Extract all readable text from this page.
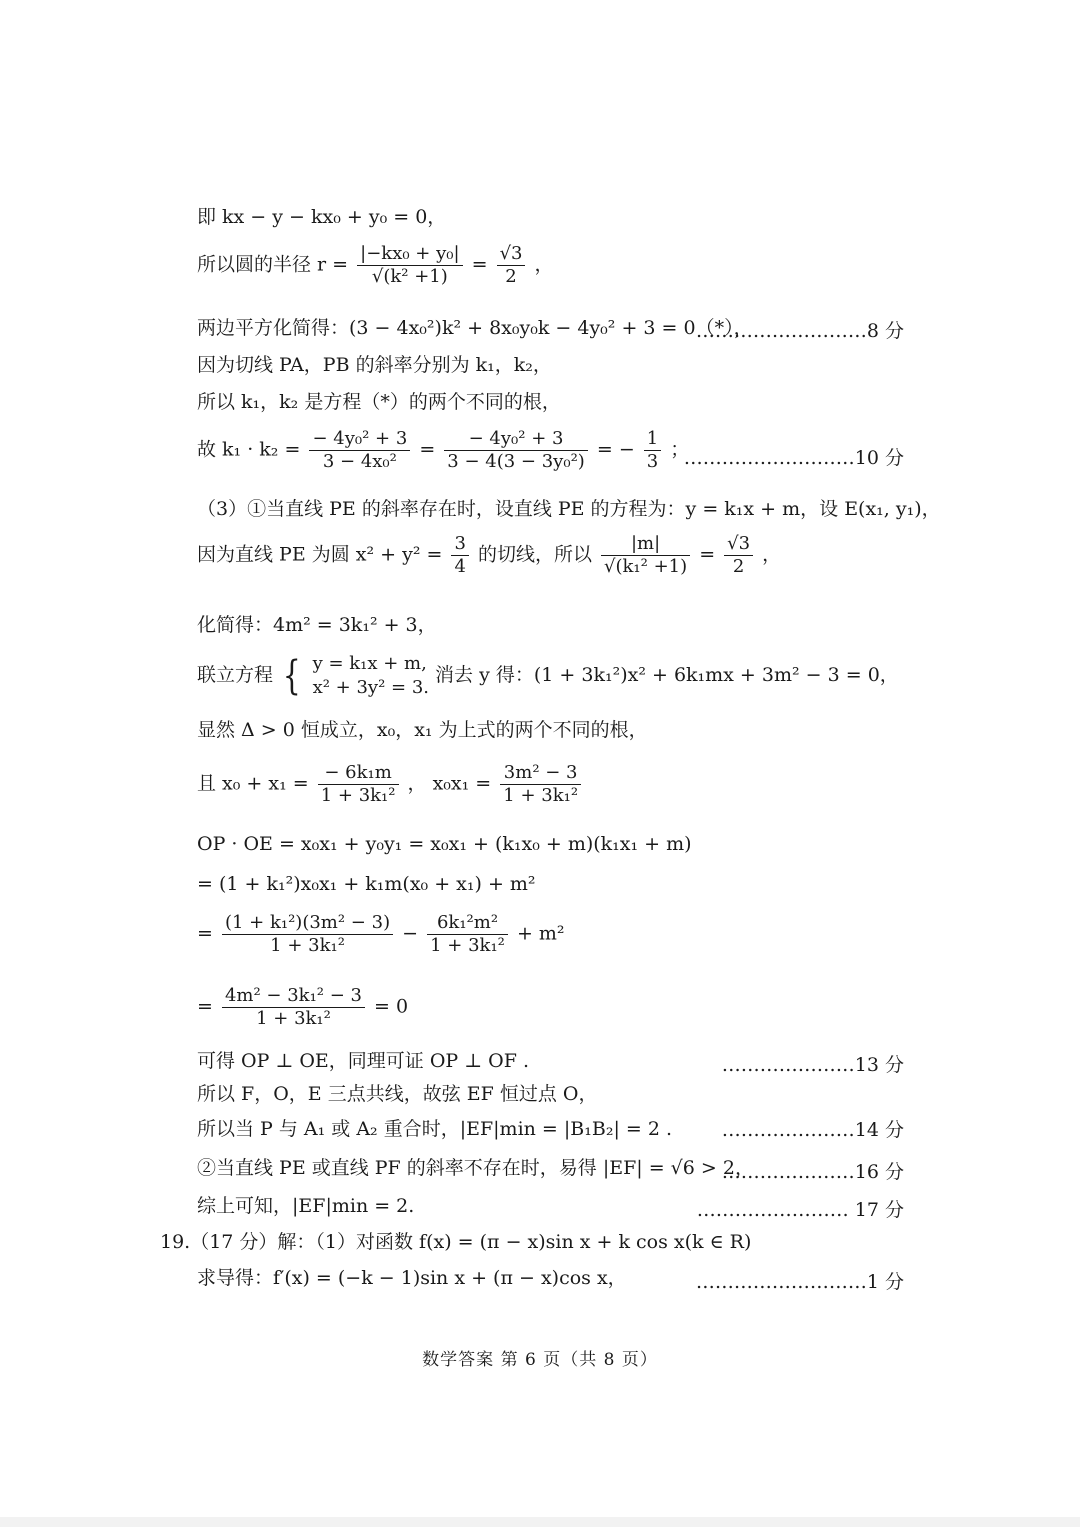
即 kx − y − kx₀ + y₀ = 0，
所以圆的半径 $r = \frac{\text{|−kx₀ + y₀|}}{\text{√(k² +1)}} = \frac{√3}{2}$ ，
两边平方化简得：(3 − 4x₀²)k² + 8x₀y₀k − 4y₀² + 3 = 0（*），
………………………8 分
因为切线 PA，PB 的斜率分别为 k₁，k₂，
所以 k₁，k₂ 是方程（*）的两个不同的根，
故 $k_1 \cdot k_2 = \frac{\text{− 4y₀² + 3}}{\text{3 − 4x₀²}} = \frac{\text{− 4y₀² + 3}}{\text{3 − 4(3 − 3y₀²)}}$ = − $\frac{1}{3}$ ；
………………………10 分
（3）①当直线 PE 的斜率存在时，设直线 PE 的方程为：y = k₁x + m，设 E(x₁, y₁)，
因为直线 PE 为圆 $x^2 + y^2 = \frac{3}{4}$ 的切线，所以 $\frac{|m|}{\text{√(k₁² +1)}} = \frac{√3}{2}$ ，
化简得：4m² = 3k₁² + 3，
联立方程 { y = k₁x + m,
x² + 3y² = 3.
消去 y 得：(1 + 3k₁²)x² + 6k₁mx + 3m² − 3 = 0，
显然 Δ > 0 恒成立，x₀，x₁ 为上式的两个不同的根，
且 $x_0 + x_1 = \frac{\text{− 6k₁m}}{\text{1 + 3k₁²}}$ ， $x_0x_1 = \frac{\text{3m² − 3}}{\text{1 + 3k₁²}}$
OP · OE = x₀x₁ + y₀y₁ = x₀x₁ + (k₁x₀ + m)(k₁x₁ + m)
= (1 + k₁²)x₀x₁ + k₁m(x₀ + x₁) + m²
= $\frac{\text{(1 + k₁²)(3m² − 3)}}{\text{1 + 3k₁²}} - \frac{\text{6k₁²m²}}{\text{1 + 3k₁²}} + m^2$
= $\frac{\text{4m² − 3k₁² − 3}}{\text{1 + 3k₁²}} = 0$
可得 OP ⊥ OE，同理可证 OP ⊥ OF .	…………………13 分
所以 F，O，E 三点共线，故弦 EF 恒过点 O，
所以当 P 与 A₁ 或 A₂ 重合时，|EF|min = |B₁B₂| = 2 .	…………………14 分
②当直线 PE 或直线 PF 的斜率不存在时，易得 |EF| = √6 > 2，
…………………16 分
综上可知，|EF|min = 2.	…………………… 17 分
19.（17 分）解：（1）对函数 f(x) = (π − x)sin x + k cos x(k ∈ R)
求导得：f′(x) = (−k − 1)sin x + (π − x)cos x，	………………………1 分
数学答案 第 6 页（共 8 页）
